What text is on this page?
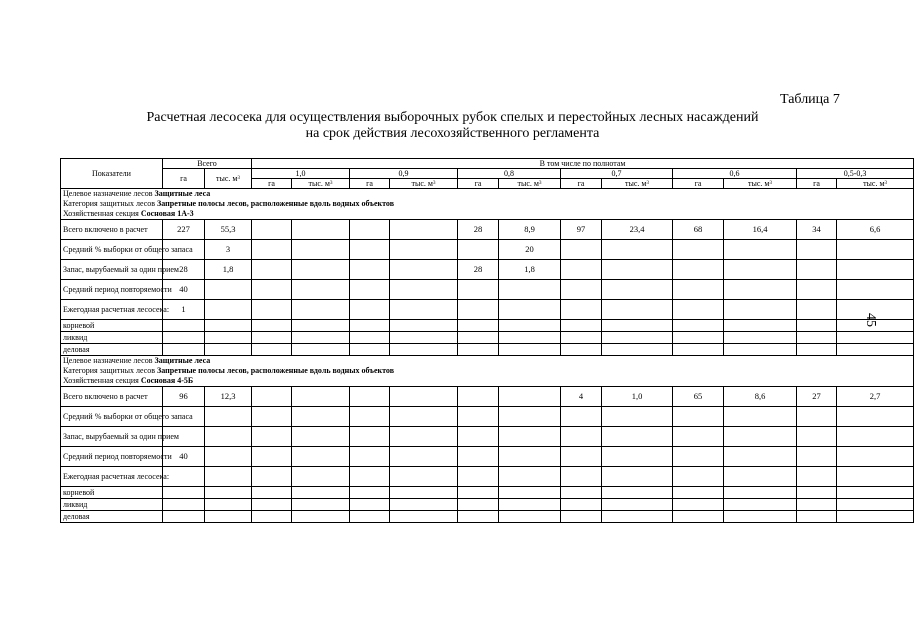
Таблица 7
Расчетная лесосека для осуществления выборочных рубок спелых и перестойных лесных насаждений
на срок действия лесохозяйственного регламента
45
Показатели	Всего		В том числе по полнотам											
	га	тыс. $м^3$	1,0		0,9		0,8		0,7		0,6		0,5-0,3	
			га	тыс. $м^3$	га	тыс. $м^3$	га	тыс. $м^3$	га	тыс. $м^3$	га	тыс. $м^3$	га	тыс. $м^3$

Целевое назначение лесов Защитные леса
Категория защитных лесов Запретные полосы лесов, расположенные вдоль водных объектов
Хозяйственная секция Сосновая 1А-3														

Всего включено в расчет	227	55,3					28	8,9	97	23,4	68	16,4	34	6,6
Средний % выборки от общего запаса		3						20						
Запас, вырубаемый за один прием	28	1,8					28	1,8						
Средний период повторяемости	40													
Ежегодная расчетная лесосека:	1													
корневой														
ликвид														
деловая														

Целевое назначение лесов Защитные леса
Категория защитных лесов Запретные полосы лесов, расположенные вдоль водных объектов
Хозяйственная секция Сосновая 4-5Б														

Всего включено в расчет	96	12,3							4	1,0	65	8,6	27	2,7
Средний % выборки от общего запаса														
Запас, вырубаемый за один прием														
Средний период повторяемости	40													
Ежегодная расчетная лесосека:														
корневой														
ликвид														
деловая														
